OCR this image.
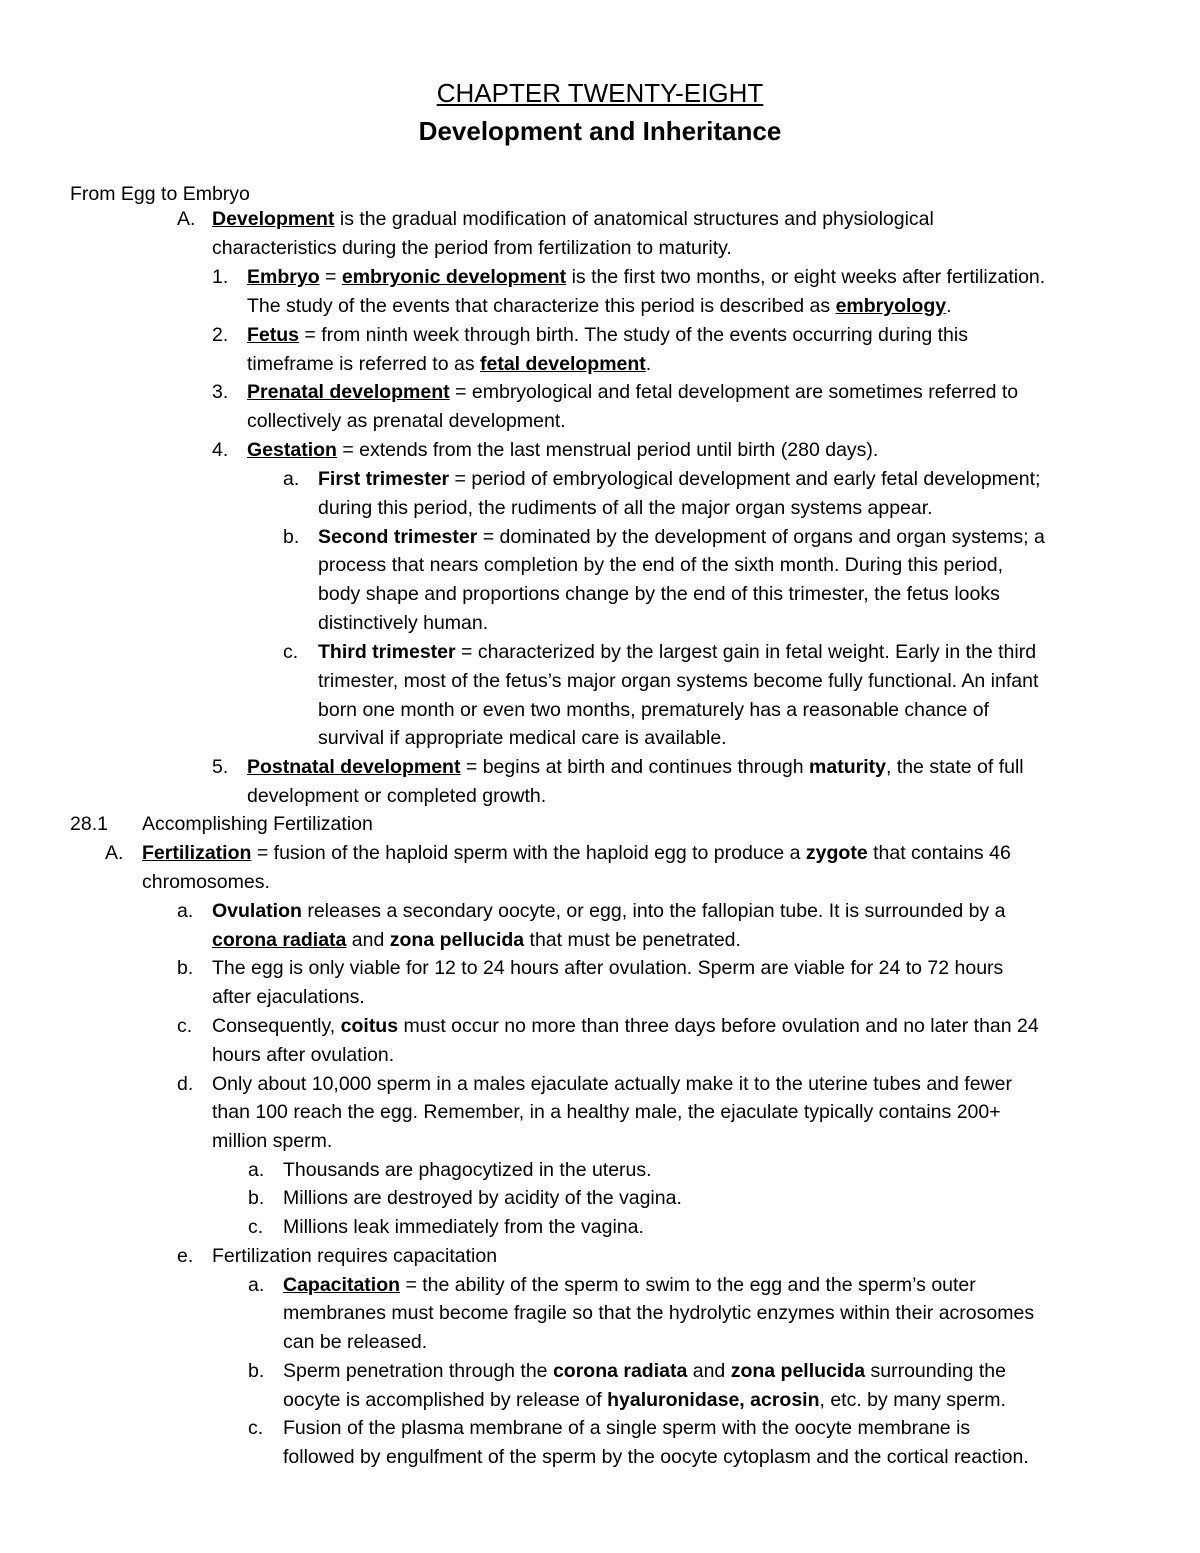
CHAPTER TWENTY-EIGHT
Development and Inheritance
From Egg to Embryo
A. Development is the gradual modification of anatomical structures and physiological
characteristics during the period from fertilization to maturity.
1. Embryo = embryonic development is the first two months, or eight weeks after fertilization.
The study of the events that characterize this period is described as embryology.
2. Fetus = from ninth week through birth. The study of the events occurring during this
timeframe is referred to as fetal development.
3. Prenatal development = embryological and fetal development are sometimes referred to
collectively as prenatal development.
4. Gestation = extends from the last menstrual period until birth (280 days).
a. First trimester = period of embryological development and early fetal development;
during this period, the rudiments of all the major organ systems appear.
b. Second trimester = dominated by the development of organs and organ systems; a
process that nears completion by the end of the sixth month. During this period,
body shape and proportions change by the end of this trimester, the fetus looks
distinctively human.
c. Third trimester = characterized by the largest gain in fetal weight. Early in the third
trimester, most of the fetus’s major organ systems become fully functional. An infant
born one month or even two months, prematurely has a reasonable chance of
survival if appropriate medical care is available.
5. Postnatal development = begins at birth and continues through maturity, the state of full
development or completed growth.
28.1 Accomplishing Fertilization
A. Fertilization = fusion of the haploid sperm with the haploid egg to produce a zygote that contains 46
chromosomes.
a. Ovulation releases a secondary oocyte, or egg, into the fallopian tube. It is surrounded by a
corona radiata and zona pellucida that must be penetrated.
b. The egg is only viable for 12 to 24 hours after ovulation. Sperm are viable for 24 to 72 hours
after ejaculations.
c. Consequently, coitus must occur no more than three days before ovulation and no later than 24
hours after ovulation.
d. Only about 10,000 sperm in a males ejaculate actually make it to the uterine tubes and fewer
than 100 reach the egg. Remember, in a healthy male, the ejaculate typically contains 200+
million sperm.
a. Thousands are phagocytized in the uterus.
b. Millions are destroyed by acidity of the vagina.
c. Millions leak immediately from the vagina.
e. Fertilization requires capacitation
a. Capacitation = the ability of the sperm to swim to the egg and the sperm’s outer
membranes must become fragile so that the hydrolytic enzymes within their acrosomes
can be released.
b. Sperm penetration through the corona radiata and zona pellucida surrounding the
oocyte is accomplished by release of hyaluronidase, acrosin, etc. by many sperm.
c. Fusion of the plasma membrane of a single sperm with the oocyte membrane is
followed by engulfment of the sperm by the oocyte cytoplasm and the cortical reaction.
